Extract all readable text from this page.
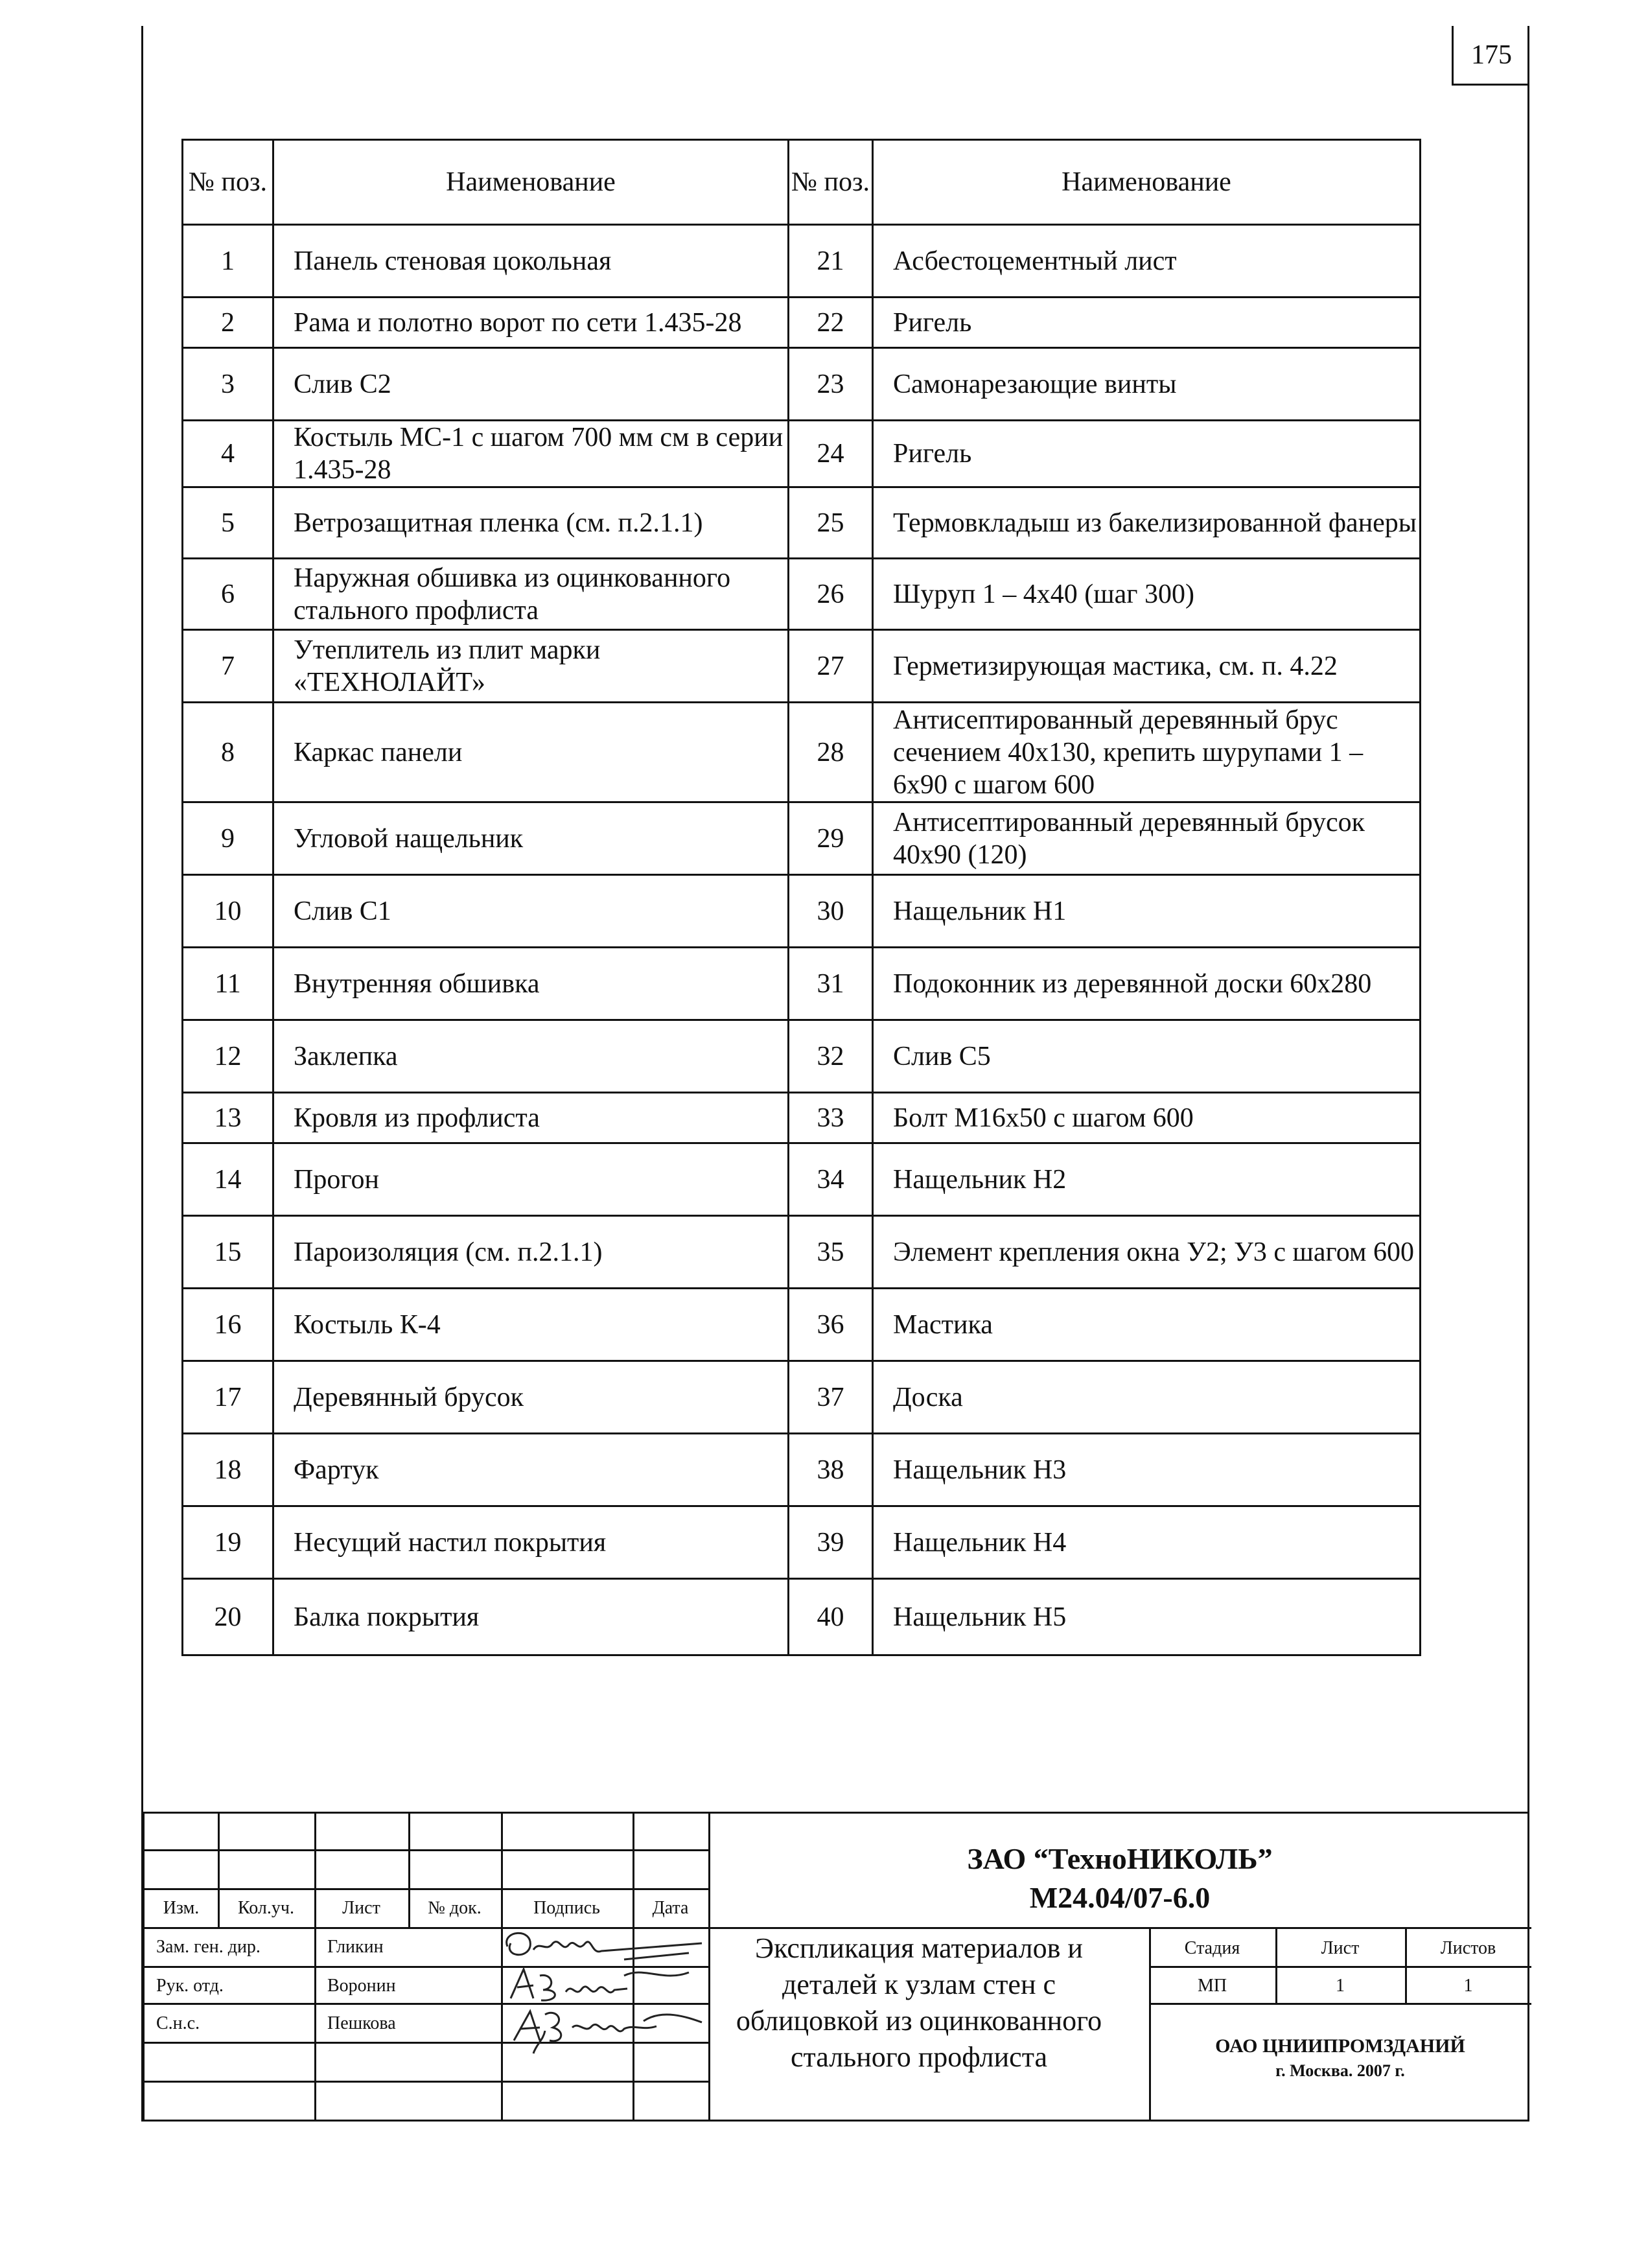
175
№ поз.	Наименование	№ поз.	Наименование
1	Панель стеновая цокольная	21	Асбестоцементный лист
2	Рама и полотно ворот по сети 1.435-28	22	Ригель
3	Слив С2	23	Самонарезающие винты
4	Костыль МС-1 с шагом 700 мм см в серии 1.435-28	24	Ригель
5	Ветрозащитная пленка (см. п.2.1.1)	25	Термовкладыш из бакелизированной фанеры
6	Наружная обшивка из оцинкованного стального профлиста	26	Шуруп 1 – 4х40 (шаг 300)
7	Утеплитель из плит марки «ТЕХНОЛАЙТ»	27	Герметизирующая мастика, см. п. 4.22
8	Каркас панели	28	Антисептированный деревянный брус сечением 40х130, крепить шурупами 1 – 6х90 с шагом 600
9	Угловой нащельник	29	Антисептированный деревянный брусок 40х90 (120)
10	Слив С1	30	Нащельник Н1
11	Внутренняя обшивка	31	Подоконник из деревянной доски 60х280
12	Заклепка	32	Слив С5
13	Кровля из профлиста	33	Болт М16х50 с шагом 600
14	Прогон	34	Нащельник Н2
15	Пароизоляция (см. п.2.1.1)	35	Элемент крепления окна У2; У3 с шагом 600
16	Костыль К-4	36	Мастика
17	Деревянный брусок	37	Доска
18	Фартук	38	Нащельник Н3
19	Несущий настил покрытия	39	Нащельник Н4
20	Балка покрытия	40	Нащельник Н5
Изм.	Кол.уч.	Лист	№ док.	Подпись	Дата
Зам. ген. дир.	Гликин
Рук. отд.	Воронин
С.н.с.	Пешкова
ЗАО “ТехноНИКОЛЬ”
М24.04/07-6.0
Экспликация материалов и деталей к узлам стен с облицовкой из оцинкованного стального профлиста
Стадия	Лист	Листов
МП	1	1
ОАО ЦНИИПРОМЗДАНИЙ
г. Москва. 2007 г.
